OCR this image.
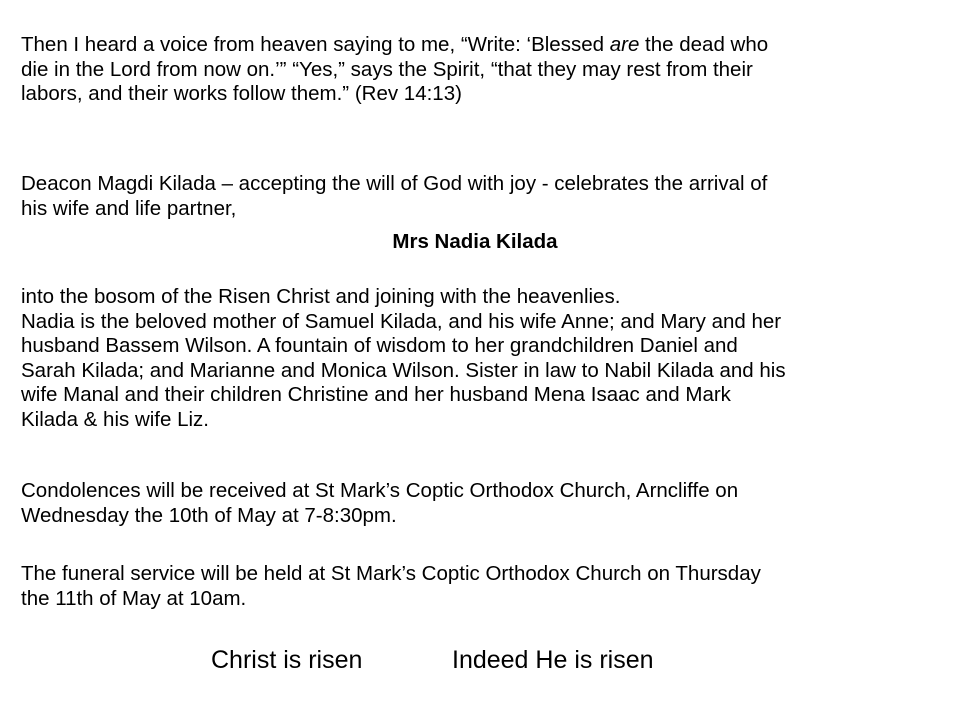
Then I heard a voice from heaven saying to me, “Write: ‘Blessed are the dead who
die in the Lord from now on.’” “Yes,” says the Spirit, “that they may rest from their
labors, and their works follow them.” (Rev 14:13)

Deacon Magdi Kilada – accepting the will of God with joy - celebrates the arrival of
his wife and life partner,

Mrs Nadia Kilada

into the bosom of the Risen Christ and joining with the heavenlies.
Nadia is the beloved mother of Samuel Kilada, and his wife Anne; and Mary and her
husband Bassem Wilson. A fountain of wisdom to her grandchildren Daniel and
Sarah Kilada; and Marianne and Monica Wilson. Sister in law to Nabil Kilada and his
wife Manal and their children Christine and her husband Mena Isaac and Mark
Kilada & his wife Liz.

Condolences will be received at St Mark’s Coptic Orthodox Church, Arncliffe on
Wednesday the 10th of May at 7-8:30pm.

The funeral service will be held at St Mark’s Coptic Orthodox Church on Thursday
the 11th of May at 10am.

Christ is risen	Indeed He is risen
